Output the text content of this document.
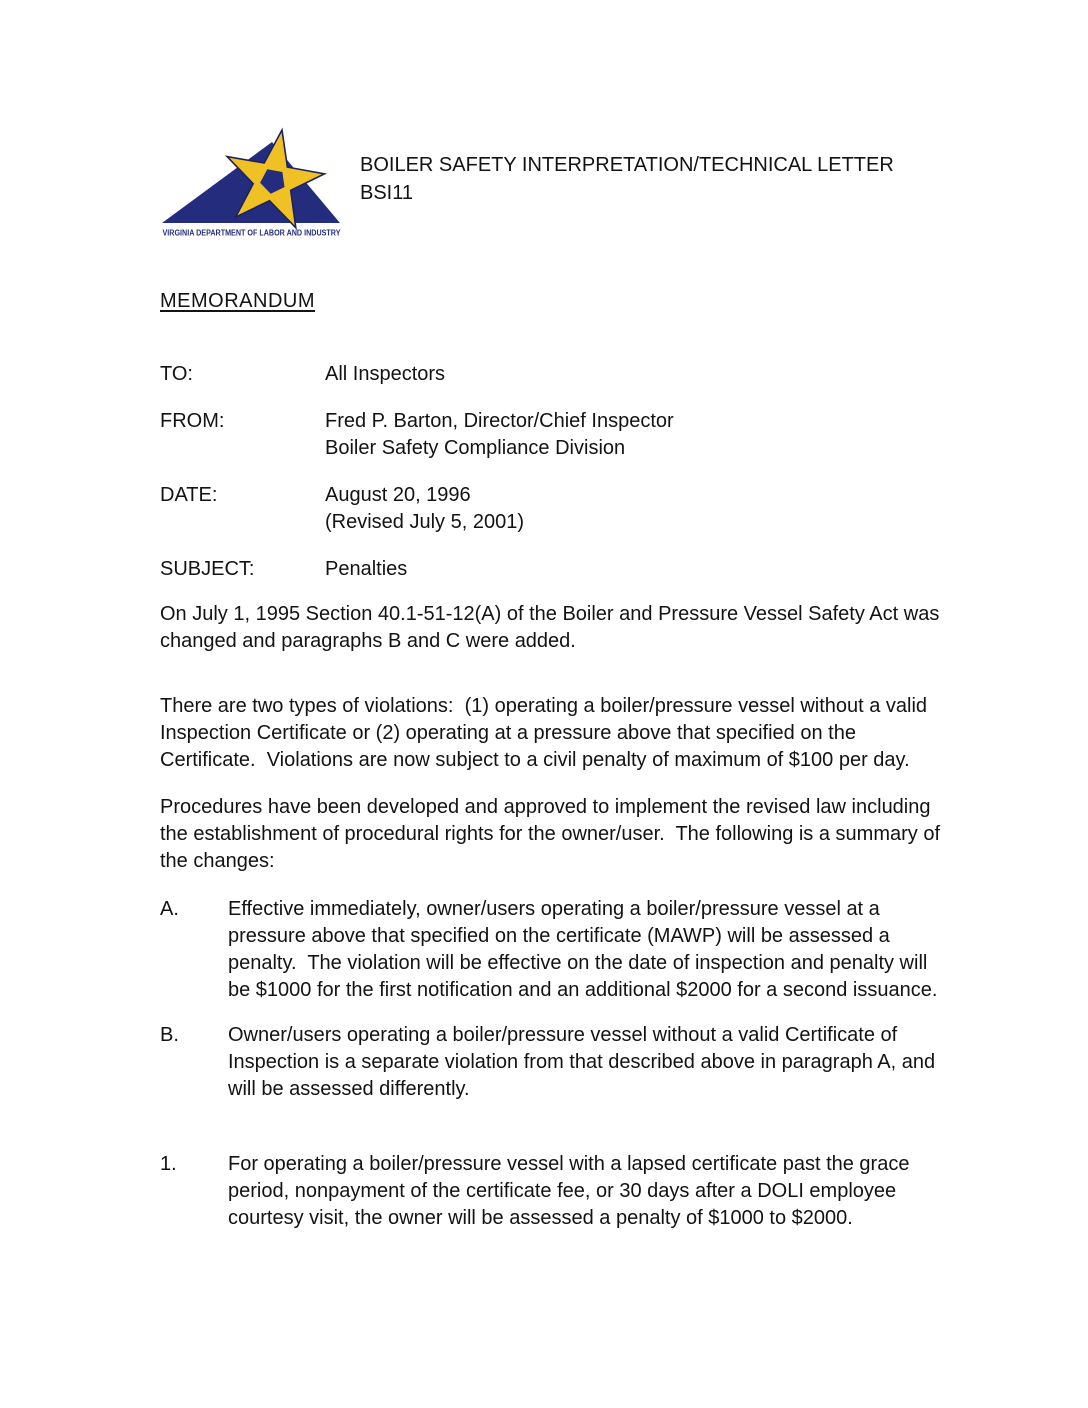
VIRGINIA DEPARTMENT OF LABOR AND INDUSTRY
BOILER SAFETY INTERPRETATION/TECHNICAL LETTER
BSI11
MEMORANDUM
TO:	All Inspectors
FROM:	Fred P. Barton, Director/Chief Inspector
Boiler Safety Compliance Division
DATE:	August 20, 1996
(Revised July 5, 2001)
SUBJECT:	Penalties

On July 1, 1995 Section 40.1-51-12(A) of the Boiler and Pressure Vessel Safety Act was changed and paragraphs B and C were added.

There are two types of violations:  (1) operating a boiler/pressure vessel without a valid Inspection Certificate or (2) operating at a pressure above that specified on the Certificate.  Violations are now subject to a civil penalty of maximum of $100 per day.

Procedures have been developed and approved to implement the revised law including the establishment of procedural rights for the owner/user.  The following is a summary of the changes:

A.	Effective immediately, owner/users operating a boiler/pressure vessel at a pressure above that specified on the certificate (MAWP) will be assessed a penalty.  The violation will be effective on the date of inspection and penalty will be $1000 for the first notification and an additional $2000 for a second issuance.
B.	Owner/users operating a boiler/pressure vessel without a valid Certificate of Inspection is a separate violation from that described above in paragraph A, and will be assessed differently.
1.	For operating a boiler/pressure vessel with a lapsed certificate past the grace period, nonpayment of the certificate fee, or 30 days after a DOLI employee courtesy visit, the owner will be assessed a penalty of $1000 to $2000.
